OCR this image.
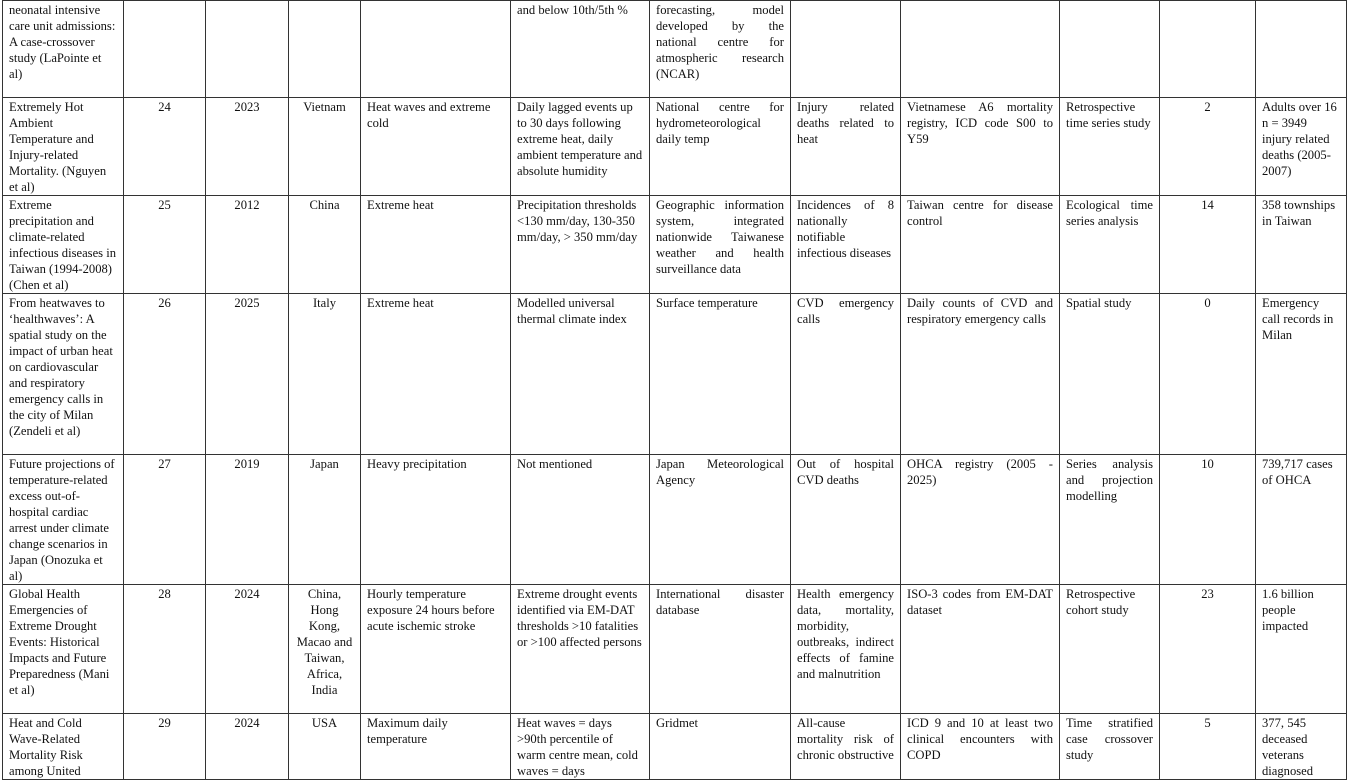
neonatal intensive care unit admissions: A case-crossover study (LaPointe et al)					and below 10th/5th %	forecasting, model developed by the national centre for atmospheric research (NCAR)					
Extremely Hot Ambient Temperature and Injury-related Mortality. (Nguyen et al)	24	2023	Vietnam	Heat waves and extreme cold	Daily lagged events up to 30 days following extreme heat, daily ambient temperature and absolute humidity	National centre for hydrometeorological daily temp	Injury related deaths related to heat	Vietnamese A6 mortality registry, ICD code S00 to Y59	Retrospective time series study	2	Adults over 16 n = 3949 injury related deaths (2005-2007)
Extreme precipitation and climate-related infectious diseases in Taiwan (1994-2008) (Chen et al)	25	2012	China	Extreme heat	Precipitation thresholds <130 mm/day, 130-350 mm/day, > 350 mm/day	Geographic information system, integrated nationwide Taiwanese weather and health surveillance data	Incidences of 8 nationally notifiable infectious diseases	Taiwan centre for disease control	Ecological time series analysis	14	358 townships in Taiwan
From heatwaves to ‘healthwaves’: A spatial study on the impact of urban heat on cardiovascular and respiratory emergency calls in the city of Milan (Zendeli et al)	26	2025	Italy	Extreme heat	Modelled universal thermal climate index	Surface temperature	CVD emergency calls	Daily counts of CVD and respiratory emergency calls	Spatial study	0	Emergency call records in Milan
Future projections of temperature-related excess out-of-hospital cardiac arrest under climate change scenarios in Japan (Onozuka et al)	27	2019	Japan	Heavy precipitation	Not mentioned	Japan Meteorological Agency	Out of hospital CVD deaths	OHCA registry (2005 - 2025)	Series analysis and projection modelling	10	739,717 cases of OHCA
Global Health Emergencies of Extreme Drought Events: Historical Impacts and Future Preparedness (Mani et al)	28	2024	China, Hong Kong, Macao and Taiwan, Africa, India	Hourly temperature exposure 24 hours before acute ischemic stroke	Extreme drought events identified via EM-DAT thresholds >10 fatalities or >100 affected persons	International disaster database	Health emergency data, mortality, morbidity, outbreaks, indirect effects of famine and malnutrition	ISO-3 codes from EM-DAT dataset	Retrospective cohort study	23	1.6 billion people impacted
Heat and Cold Wave-Related Mortality Risk among United	29	2024	USA	Maximum daily temperature	Heat waves = days >90th percentile of warm centre mean, cold waves = days	Gridmet	All-cause mortality risk of chronic obstructive	ICD 9 and 10 at least two clinical encounters with COPD	Time stratified case crossover study	5	377, 545 deceased veterans diagnosed
